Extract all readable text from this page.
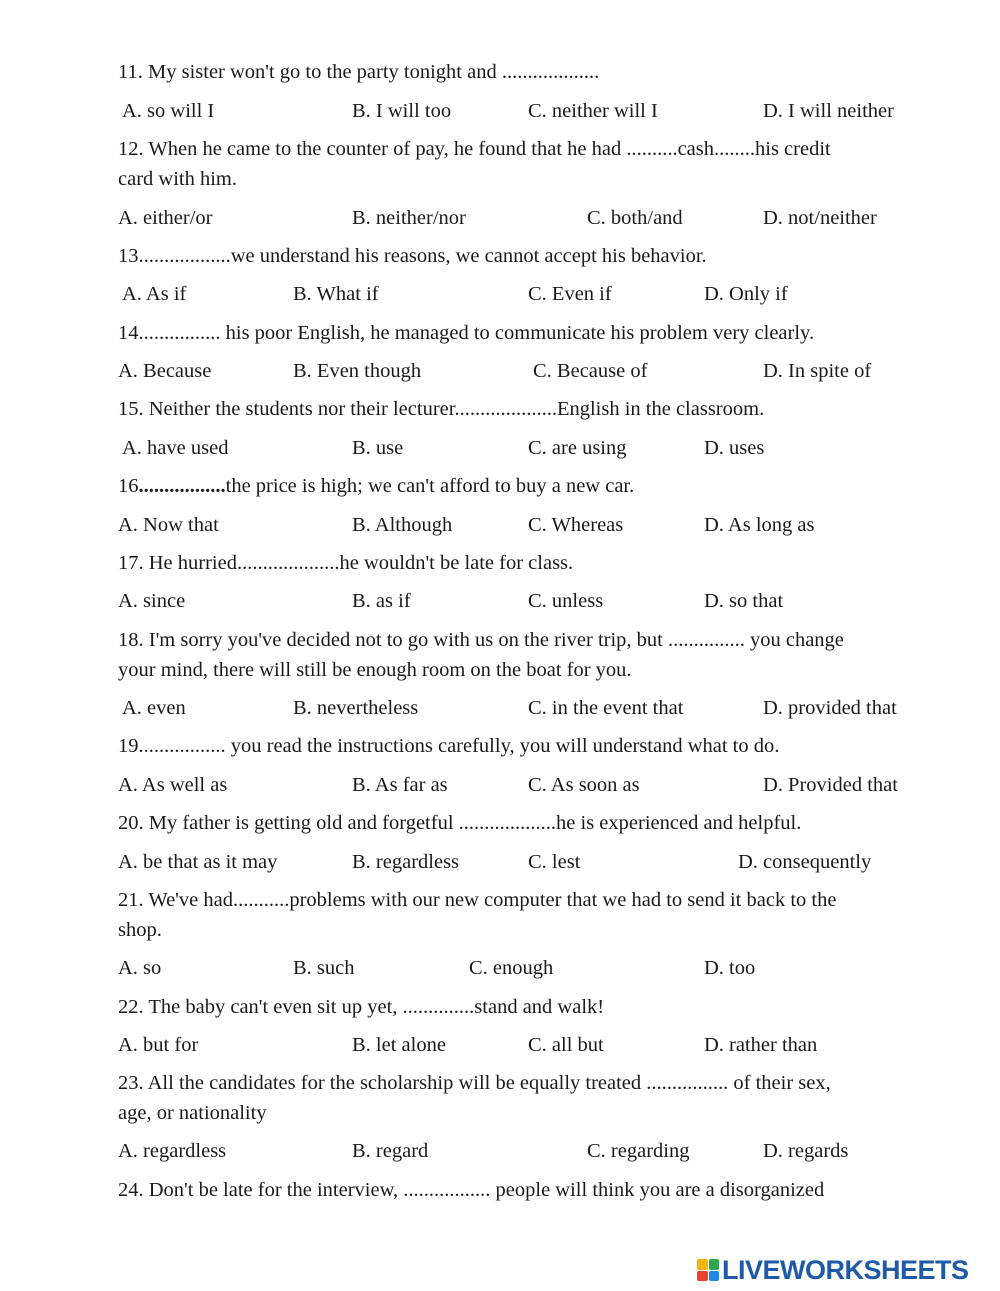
11. My sister won't go to the party tonight and ...................
A. so will I	B. I will too	C. neither will I	D. I will neither
12. When he came to the counter of pay, he found that he had ..........cash........his credit
card with him.
A. either/or	B. neither/nor	C. both/and	D. not/neither
13..................we understand his reasons, we cannot accept his behavior.
A. As if	B. What if	C. Even if	D. Only if
14................ his poor English, he managed to communicate his problem very clearly.
A. Because	B. Even though	C. Because of	D. In spite of
15. Neither the students nor their lecturer....................English in the classroom.
A. have used	B. use	C. are using	D. uses
16.................the price is high; we can't afford to buy a new car.
A. Now that	B. Although	C. Whereas	D. As long as
17. He hurried....................he wouldn't be late for class.
A. since	B. as if	C. unless	D. so that
18. I'm sorry you've decided not to go with us on the river trip, but ............... you change
your mind, there will still be enough room on the boat for you.
A. even	B. nevertheless	C. in the event that	D. provided that
19................. you read the instructions carefully, you will understand what to do.
A. As well as	B. As far as	C. As soon as	D. Provided that
20. My father is getting old and forgetful ...................he is experienced and helpful.
A. be that as it may	B. regardless	C. lest	D. consequently
21. We've had...........problems with our new computer that we had to send it back to the
shop.
A. so	B. such	C. enough	D. too
22. The baby can't even sit up yet, ..............stand and walk!
A. but for	B. let alone	C. all but	D. rather than
23. All the candidates for the scholarship will be equally treated ................ of their sex,
age, or nationality
A. regardless	B. regard	C. regarding	D. regards
24. Don't be late for the interview, ................. people will think you are a disorganized
LIVEWORKSHEETS
